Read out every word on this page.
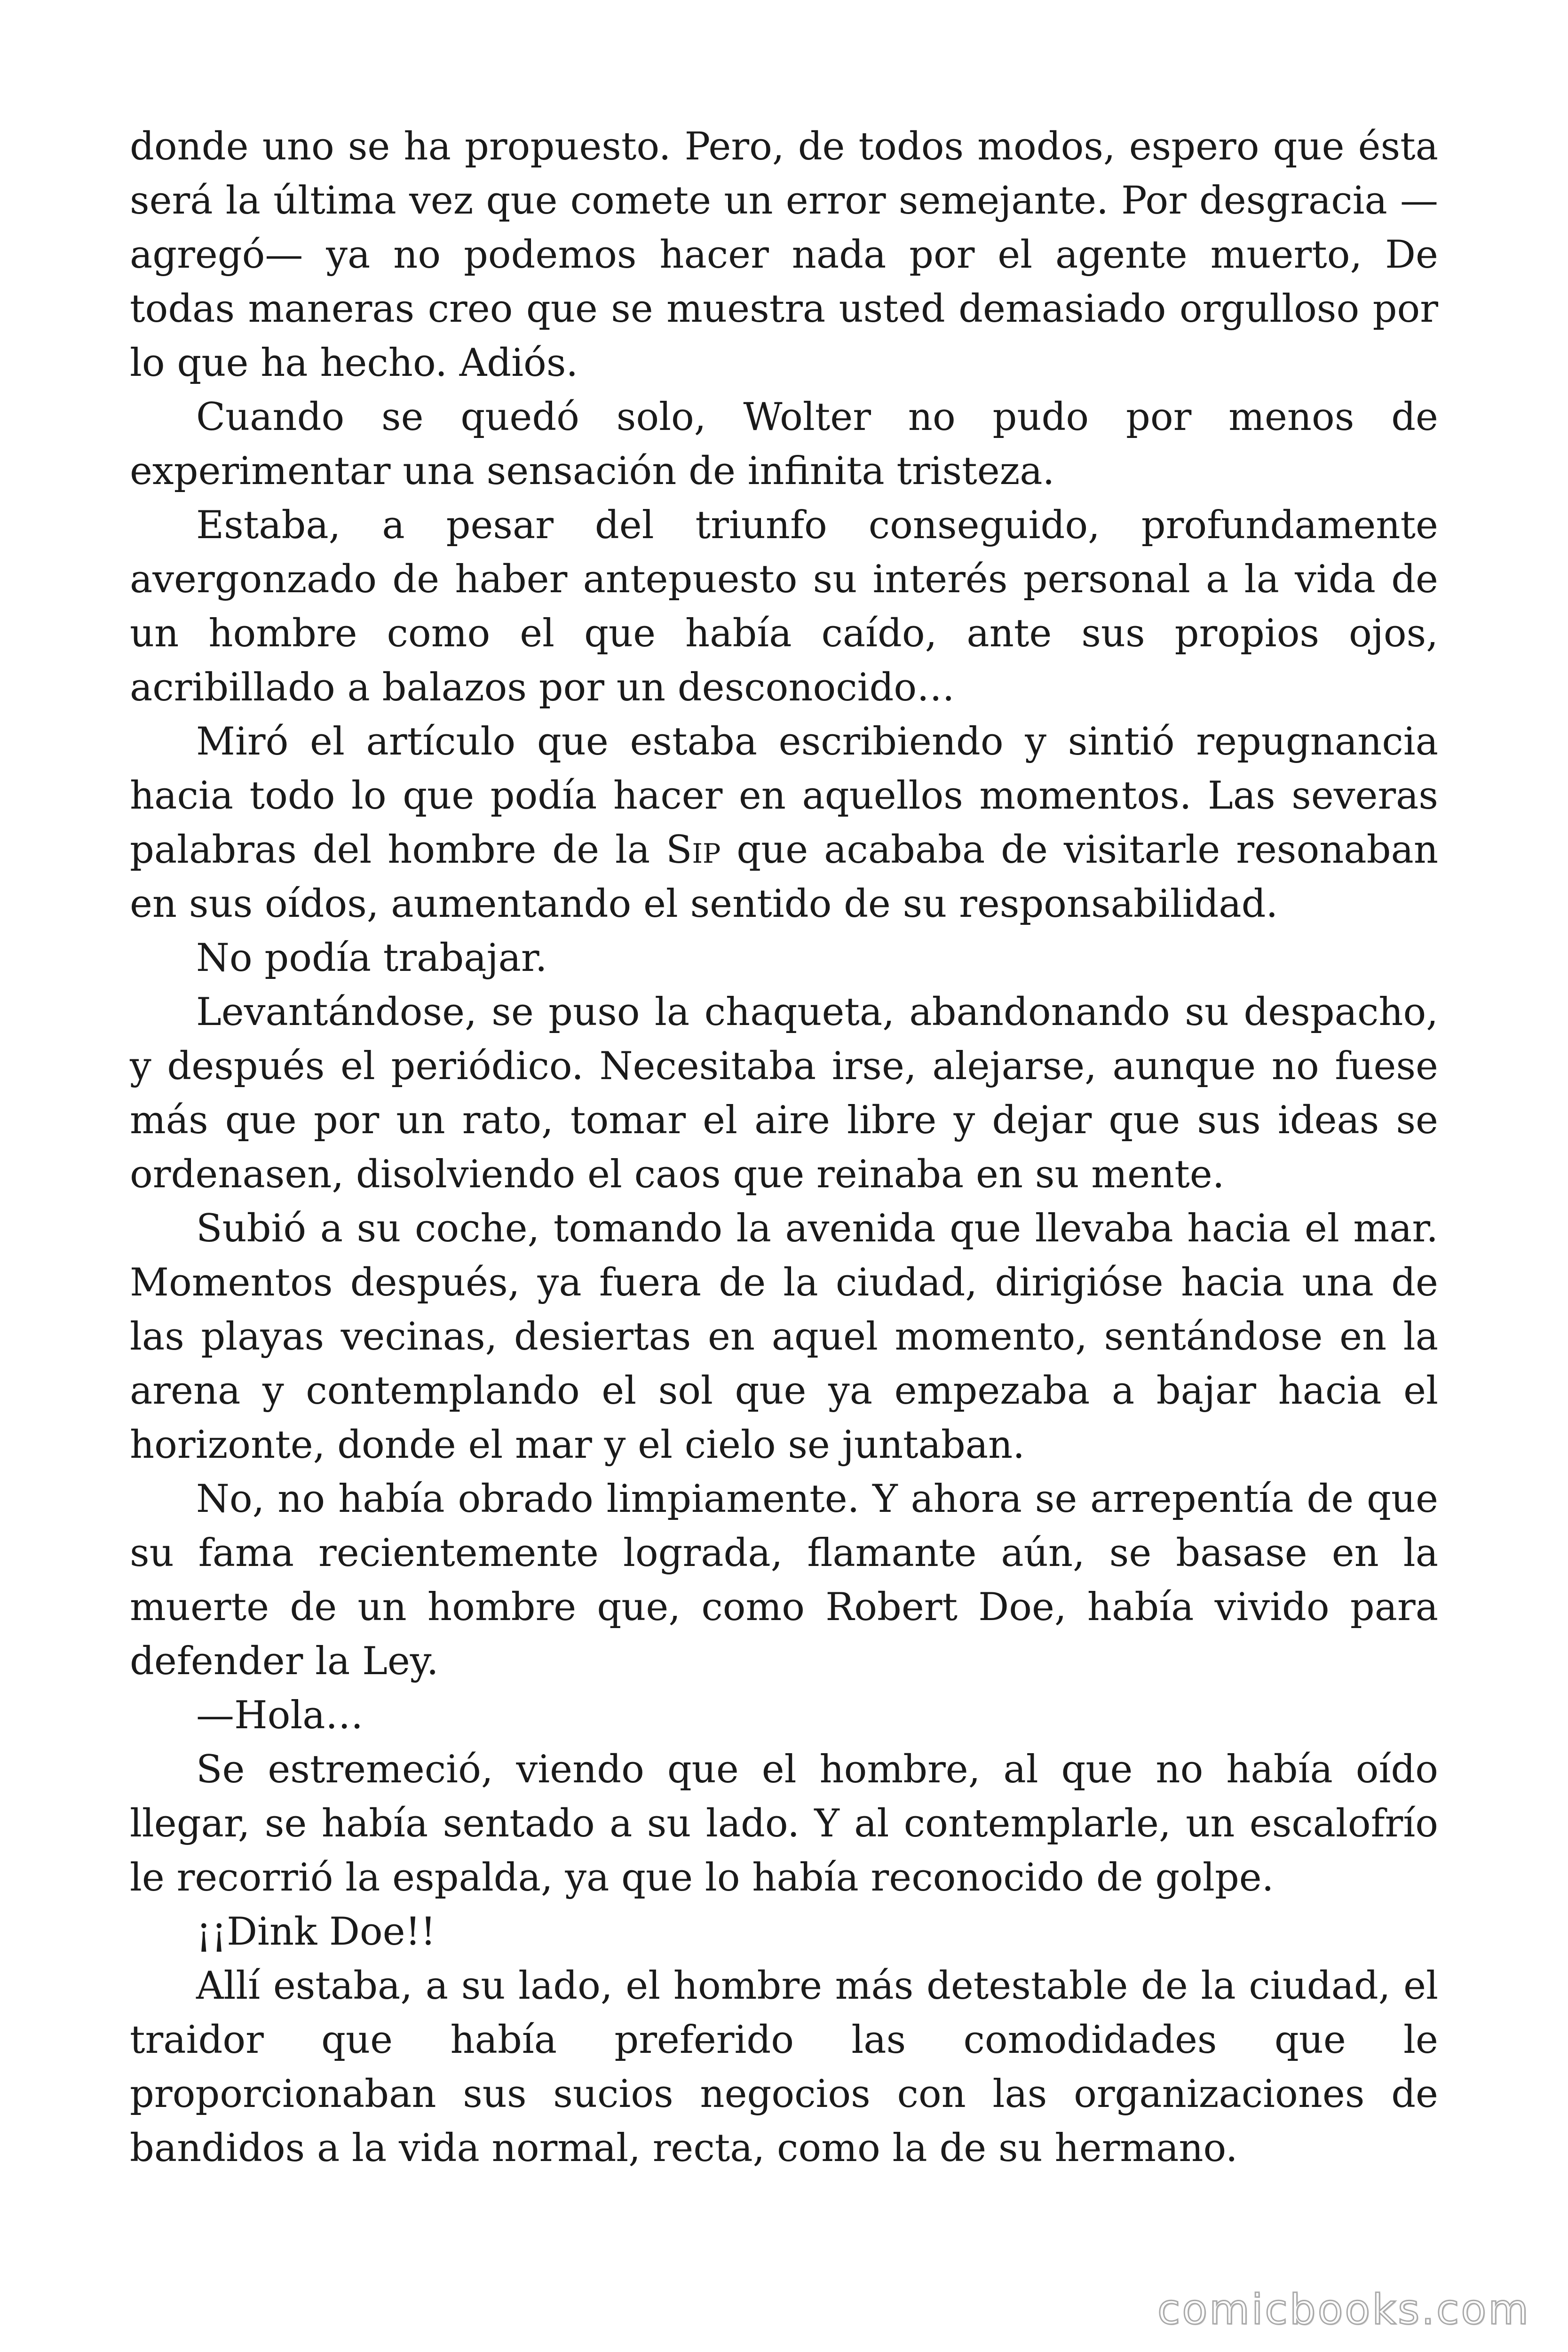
donde uno se ha propuesto. Pero, de todos modos, espero que ésta será la última vez que comete un error semejante. Por desgracia —agregó— ya no podemos hacer nada por el agente muerto, De todas maneras creo que se muestra usted demasiado orgulloso por lo que ha hecho. Adiós.

Cuando se quedó solo, Wolter no pudo por menos de experimentar una sensación de infinita tristeza.

Estaba, a pesar del triunfo conseguido, profundamente avergonzado de haber antepuesto su interés personal a la vida de un hombre como el que había caído, ante sus propios ojos, acribillado a balazos por un desconocido…

Miró el artículo que estaba escribiendo y sintió repugnancia hacia todo lo que podía hacer en aquellos momentos. Las severas palabras del hombre de la Sip que acababa de visitarle resonaban en sus oídos, aumentando el sentido de su responsabilidad.

No podía trabajar.

Levantándose, se puso la chaqueta, abandonando su despacho, y después el periódico. Necesitaba irse, alejarse, aunque no fuese más que por un rato, tomar el aire libre y dejar que sus ideas se ordenasen, disolviendo el caos que reinaba en su mente.

Subió a su coche, tomando la avenida que llevaba hacia el mar. Momentos después, ya fuera de la ciudad, dirigióse hacia una de las playas vecinas, desiertas en aquel momento, sentándose en la arena y contemplando el sol que ya empezaba a bajar hacia el horizonte, donde el mar y el cielo se juntaban.

No, no había obrado limpiamente. Y ahora se arrepentía de que su fama recientemente lograda, flamante aún, se basase en la muerte de un hombre que, como Robert Doe, había vivido para defender la Ley.

—Hola…

Se estremeció, viendo que el hombre, al que no había oído llegar, se había sentado a su lado. Y al contemplarle, un escalofrío le recorrió la espalda, ya que lo había reconocido de golpe.

¡¡Dink Doe!!

Allí estaba, a su lado, el hombre más detestable de la ciudad, el traidor que había preferido las comodidades que le proporcionaban sus sucios negocios con las organizaciones de bandidos a la vida normal, recta, como la de su hermano.

comicbooks.com
